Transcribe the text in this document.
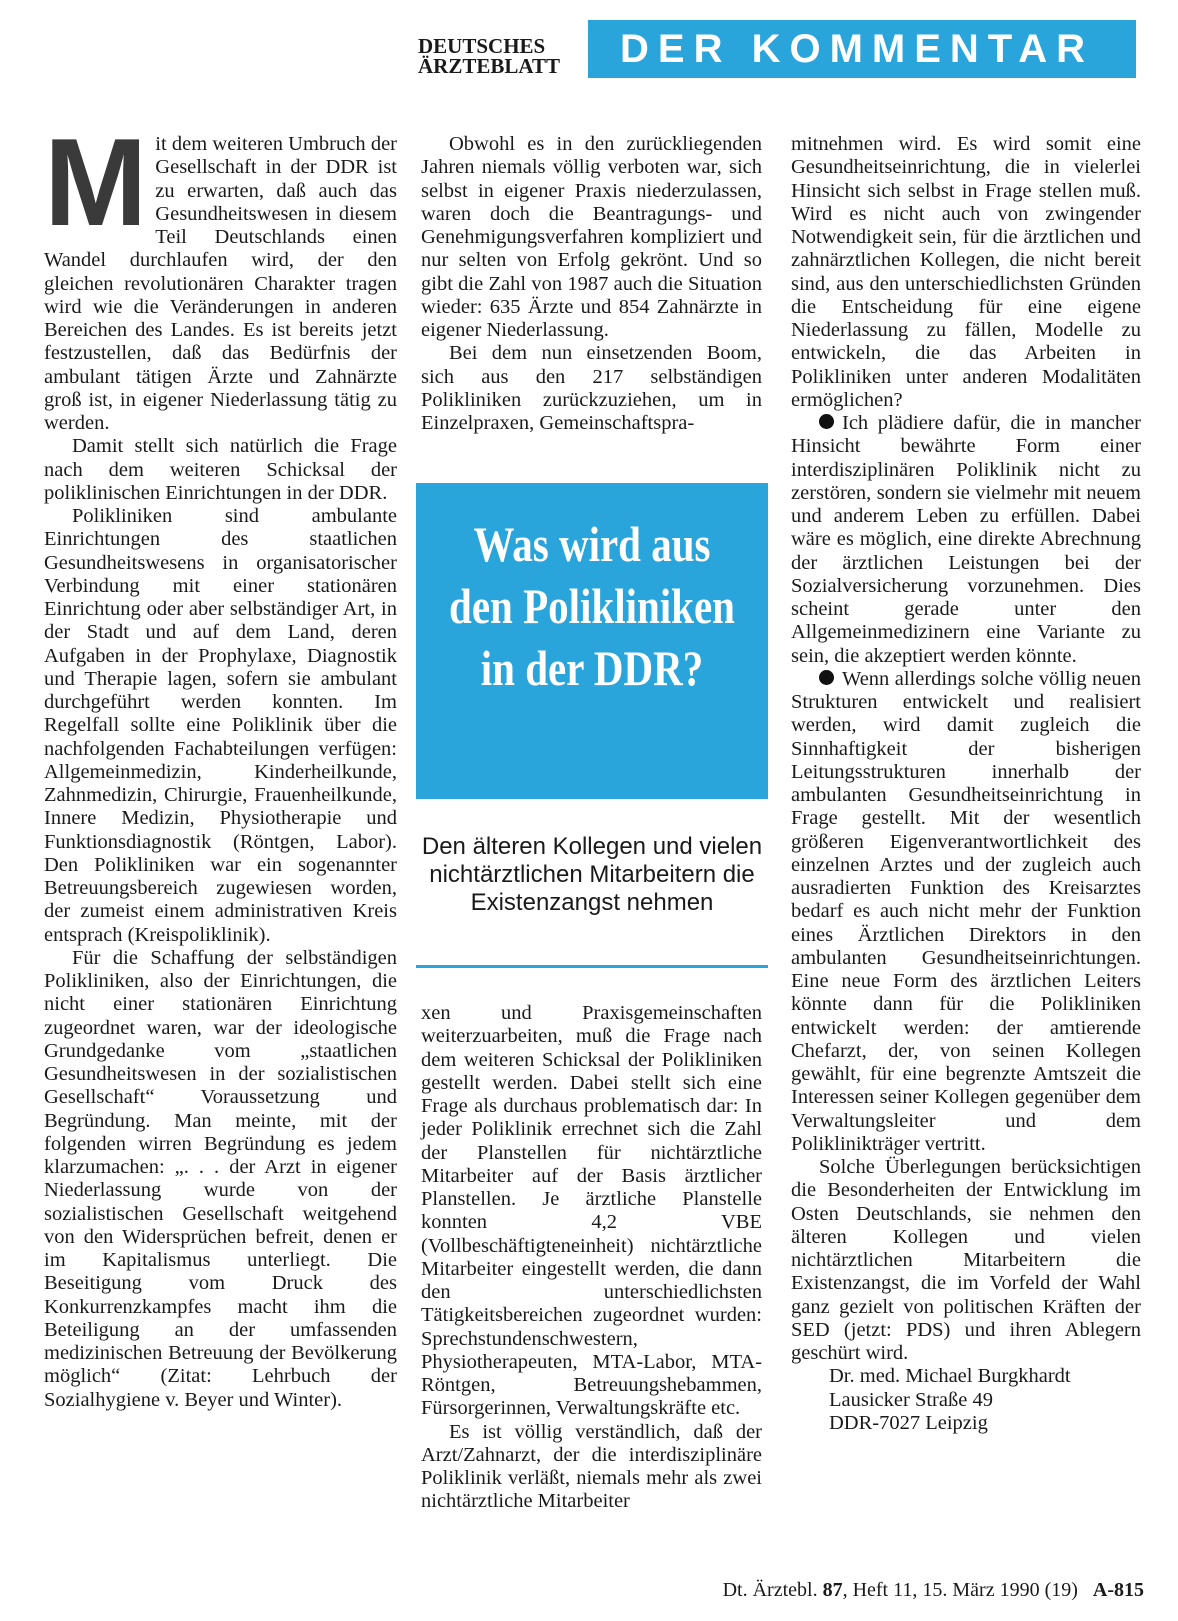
DEUTSCHES
ÄRZTEBLATT	DER KOMMENTAR

Mit dem weiteren Umbruch der Gesellschaft in der DDR ist zu erwarten, daß auch das Gesundheitswesen in diesem Teil Deutschlands einen Wandel durchlaufen wird, der den gleichen revolutionären Charakter tragen wird wie die Veränderungen in anderen Bereichen des Landes. Es ist bereits jetzt festzustellen, daß das Bedürfnis der ambulant tätigen Ärzte und Zahnärzte groß ist, in eigener Niederlassung tätig zu werden.

Damit stellt sich natürlich die Frage nach dem weiteren Schicksal der poliklinischen Einrichtungen in der DDR.

Polikliniken sind ambulante Einrichtungen des staatlichen Gesundheitswesens in organisatorischer Verbindung mit einer stationären Einrichtung oder aber selbständiger Art, in der Stadt und auf dem Land, deren Aufgaben in der Prophylaxe, Diagnostik und Therapie lagen, sofern sie ambulant durchgeführt werden konnten. Im Regelfall sollte eine Poliklinik über die nachfolgenden Fachabteilungen verfügen: Allgemeinmedizin, Kinderheilkunde, Zahnmedizin, Chirurgie, Frauenheilkunde, Innere Medizin, Physiotherapie und Funktionsdiagnostik (Röntgen, Labor). Den Polikliniken war ein sogenannter Betreuungsbereich zugewiesen worden, der zumeist einem administrativen Kreis entsprach (Kreispoliklinik).

Für die Schaffung der selbständigen Polikliniken, also der Einrichtungen, die nicht einer stationären Einrichtung zugeordnet waren, war der ideologische Grundgedanke vom „staatlichen Gesundheitswesen in der sozialistischen Gesellschaft“ Voraussetzung und Begründung. Man meinte, mit der folgenden wirren Begründung es jedem klarzumachen: „. . . der Arzt in eigener Niederlassung wurde von der sozialistischen Gesellschaft weitgehend von den Widersprüchen befreit, denen er im Kapitalismus unterliegt. Die Beseitigung vom Druck des Konkurrenzkampfes macht ihm die Beteiligung an der umfassenden medizinischen Betreuung der Bevölkerung möglich“ (Zitat: Lehrbuch der Sozialhygiene v. Beyer und Winter).

Obwohl es in den zurückliegenden Jahren niemals völlig verboten war, sich selbst in eigener Praxis niederzulassen, waren doch die Beantragungs- und Genehmigungsverfahren kompliziert und nur selten von Erfolg gekrönt. Und so gibt die Zahl von 1987 auch die Situation wieder: 635 Ärzte und 854 Zahnärzte in eigener Niederlassung.

Bei dem nun einsetzenden Boom, sich aus den 217 selbständigen Polikliniken zurückzuziehen, um in Einzelpraxen, Gemeinschaftspra-

Was wird aus den Polikliniken in der DDR?
Den älteren Kollegen und vielen nichtärztlichen Mitarbeitern die Existenzangst nehmen

xen und Praxisgemeinschaften weiterzuarbeiten, muß die Frage nach dem weiteren Schicksal der Polikliniken gestellt werden. Dabei stellt sich eine Frage als durchaus problematisch dar: In jeder Poliklinik errechnet sich die Zahl der Planstellen für nichtärztliche Mitarbeiter auf der Basis ärztlicher Planstellen. Je ärztliche Planstelle konnten 4,2 VBE (Vollbeschäftigteneinheit) nichtärztliche Mitarbeiter eingestellt werden, die dann den unterschiedlichsten Tätigkeitsbereichen zugeordnet wurden: Sprechstundenschwestern, Physiotherapeuten, MTA-Labor, MTA-Röntgen, Betreuungshebammen, Fürsorgerinnen, Verwaltungskräfte etc.

Es ist völlig verständlich, daß der Arzt/Zahnarzt, der die interdisziplinäre Poliklinik verläßt, niemals mehr als zwei nichtärztliche Mitarbeiter

mitnehmen wird. Es wird somit eine Gesundheitseinrichtung, die in vielerlei Hinsicht sich selbst in Frage stellen muß. Wird es nicht auch von zwingender Notwendigkeit sein, für die ärztlichen und zahnärztlichen Kollegen, die nicht bereit sind, aus den unterschiedlichsten Gründen die Entscheidung für eine eigene Niederlassung zu fällen, Modelle zu entwickeln, die das Arbeiten in Polikliniken unter anderen Modalitäten ermöglichen?

Ich plädiere dafür, die in mancher Hinsicht bewährte Form einer interdisziplinären Poliklinik nicht zu zerstören, sondern sie vielmehr mit neuem und anderem Leben zu erfüllen. Dabei wäre es möglich, eine direkte Abrechnung der ärztlichen Leistungen bei der Sozialversicherung vorzunehmen. Dies scheint gerade unter den Allgemeinmedizinern eine Variante zu sein, die akzeptiert werden könnte.

Wenn allerdings solche völlig neuen Strukturen entwickelt und realisiert werden, wird damit zugleich die Sinnhaftigkeit der bisherigen Leitungsstrukturen innerhalb der ambulanten Gesundheitseinrichtung in Frage gestellt. Mit der wesentlich größeren Eigenverantwortlichkeit des einzelnen Arztes und der zugleich auch ausradierten Funktion des Kreisarztes bedarf es auch nicht mehr der Funktion eines Ärztlichen Direktors in den ambulanten Gesundheitseinrichtungen. Eine neue Form des ärztlichen Leiters könnte dann für die Polikliniken entwickelt werden: der amtierende Chefarzt, der, von seinen Kollegen gewählt, für eine begrenzte Amtszeit die Interessen seiner Kollegen gegenüber dem Verwaltungsleiter und dem Poliklinikträger vertritt.

Solche Überlegungen berücksichtigen die Besonderheiten der Entwicklung im Osten Deutschlands, sie nehmen den älteren Kollegen und vielen nichtärztlichen Mitarbeitern die Existenzangst, die im Vorfeld der Wahl ganz gezielt von politischen Kräften der SED (jetzt: PDS) und ihren Ablegern geschürt wird.

Dr. med. Michael Burgkhardt
Lausicker Straße 49
DDR-7027 Leipzig

Dt. Ärztebl. 87, Heft 11, 15. März 1990 (19) A-815
